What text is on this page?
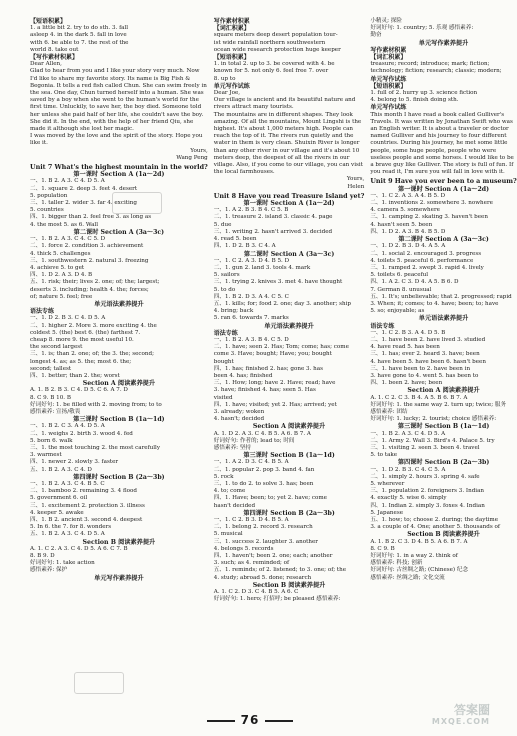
【短语积累】
1. a little bit 2. try to do sth. 3. fall
asleep 4. in the dark 5. fall in love
with 6. be able to 7. the rest of the
world 8. take out
【写作素材积累】
Dear Allen,
Glad to hear from you and I like your story very much. Now I'd like to share my favorite story. Its name is Big Fish & Begonia. It tells a red fish called Chun. She can swim freely in the sea. One day, Chun turned herself into a human. She was saved by a boy when she went to the human's world for the first time. Unluckily, to save her, the boy died. Someone told her unless she paid half of her life, she couldn't save the boy. She did it. In the end, with the help of her friend Qiu, she made it although she lost her magic.
I was moved by the love and the spirit of the story. Hope you like it.
Yours,
Wang Peng
Unit 7 What's the highest mountain in the world?
第一课时 Section A (1a～2d)
一、1. B 2. A 3. C 4. D 5. A
二、1. square 2. deep 3. feet 4. desert
5. population
三、1. taller 2. wider 3. far 4. exciting
5. countries
四、1. bigger than 2. feel free 3. as long as
4. the most 5. as 6. Wall
第二课时 Section A (3a～3c)
一、1. B 2. A 3. C 4. C 5. D
二、1. force 2. condition 3. achievement
4. thick 5. challenges
三、1. southwestern 2. natural 3. freezing
4. achieve 5. to get
四、1. D 2. A 3. D 4. B
五、1. risk; their; lives 2. one; of; the; largest;
deserts 3. including; health 4. the; forces;
of; nature 5. feel; free
单元语法素养提升
语法专练
一、1. D 2. B 3. C 4. D 5. A
二、1. higher 2. More 3. more exciting 4. the
coldest 5. (the) best 6. (the) farthest 7.
cheap 8. more 9. the most useful 10.
the second largest
三、1. is; than 2. one; of; the 3. the; second;
longest 4. as; as 5. the; most 6. the;
second; tallest
四、1. better; than 2. the; worst
Section A 阅读素养提升
A. 1. B 2. B 3. C 4. D 5. C 6. A 7. D
8. C 9. B 10. B
好词好句: 1. be filled with 2. moving from; to to
感悟素养: 宣扬/敬畏
第三课时 Section B (1a～1d)
一、1. B 2. C 3. A 4. D 5. A
二、1. weighs 2. birth 3. wood 4. fed
5. born 6. walk
三、1. the most touching 2. the most carefully
3. warmest
四、1. newer 2. slowly 3. faster
五、1. B 2. A 3. C 4. D
第四课时 Section B (2a～3b)
一、1. B 2. A 3. C 4. B 5. C
二、1. bamboo 2. remaining 3. 4 flood
5. government 6. oil
三、1. excitement 2. protection 3. illness
4. keeper 5. awake
四、1. B 2. ancient 3. second 4. deepest
5. In 6. the 7. for 8. wonders
五、1. B 2. A 3. C 4. D 5. A
Section B 阅读素养提升
A. 1. C 2. A 3. C 4. D 5. A 6. C 7. B
8. B 9. D
好词好句: 1. take action
感悟素养: 保护
单元写作素养提升
写作素材积累
【词汇积累】
square meters deep desert population tour-
ist wide rainfall northern southwestern
ocean wide research protection huge keeper
【短语积累】
1. in total 2. up to 3. be covered with 4. be
known for 5. not only 6. feel free 7. over
8. up to
单元写作试练
Dear Joe,
Our village is ancient and its beautiful nature and rivers attract many tourists.
The mountains are in different shapes. They look amazing. Of all the mountains, Mount Lingshi is the highest. It's about 1,000 meters high. People can reach the top of it. The rivers run quietly and the water in them is very clean. Shuixin River is longer than any other river in our village and it's about 10 meters deep, the deepest of all the rivers in our village. Also, if you come to our village, you can visit the local farmhouses.
Yours,
Helen
Unit 8 Have you read Treasure Island yet?
第一课时 Section A (1a～2d)
一、1. A 2. B 3. B 4. C 5. B
二、1. treasure 2. island 3. classic 4. page
5. due
三、1. writing 2. hasn't arrived 3. decided
4. read 5. been
四、1. D 2. B 3. C 4. A
第二课时 Section A (3a～3c)
一、1. C 2. A 3. D 4. B 5. D
二、1. gun 2. land 3. tools 4. mark
5. sailors
三、1. trying 2. knives 3. met 4. have thought
5. to do
四、1. B 2. D 3. A 4. C 5. C
五、1. kills; for; food 2. one; day 3. another; ship
4. bring; back
5. ran 6. towards 7. marks
单元语法素养提升
语法专练
一、1. B 2. A 3. B 4. C 5. D
二、1. have; seen 2. Has; Tom; come; has; come
come 3. Have; bought; Have; you; bought
bought
四、1. has; finished 2. has; gone 3. has
been 4. has; finished
三、1. How; long; have 2. Have; read; have
3. have; finished 4. has; seen 5. Has
visited
四、1. have; visited; yet 2. Has; arrived; yet
3. already; woken
4. hasn't; decided
Section A 阅读素养提升
A. 1. D 2. A 3. C 4. B 5. A 6. B 7. A
好词好句: 作者的; lead to; 时间
感悟素养: 坚持
第三课时 Section B (1a～1d)
一、1. A 2. D 3. C 4. B 5. A
二、1. popular 2. pop 3. band 4. fan
5. rock
三、1. to do 2. to solve 3. has; been
4. to; come
四、1. Have; been; to; yet 2. have; come
hasn't decided
第四课时 Section B (2a～3b)
一、1. C 2. B 3. D 4. B 5. A
二、1. belong 2. record 3. research
5. musical
三、1. success 2. laughter 3. another
4. belongs 5. records
四、1. haven't; been 2. one; each; another
3. such; as 4. reminded; of
五、1. reminds; of 2. listened; to 3. one; of; the
4. study; abroad 5. done; research
Section B 阅读素养提升
A. 1. C 2. D 3. C 4. B 5. A 6. C
好词好句: 1. hero; 打招呼; be pleased 感悟素养:
小精灵; 探险
好词好句: 1. country; 5. 乐观 感悟素养:
勤奋
单元写作素养提升
写作素材积累
【词汇积累】
treasure; record; introduce; mark; fiction;
technology; fiction; research; classic; modern;
单元写作试练
【短语积累】
1. full of 2. hurry up 3. science fiction
4. belong to 5. finish doing sth.
单元写作试练
This month I have read a book called Gulliver's Travels. It was written by Jonathan Swift who was an English writer. It is about a traveler or doctor named Gulliver and his journey to four different countries. During his journey, he met some little people, some huge people, people who were useless people and some horses. I would like to be a brave guy like Gulliver. The story is full of fun. If you read it, I'm sure you will fall in love with it.
Unit 9 Have you ever been to a museum?
第一课时 Section A (1a～2d)
一、1. C 2. A 3. A 4. B 5. D
二、1. inventions 2. somewhere 3. nowhere
4. camera 5. somewhere
三、1. camping 2. skating 3. haven't been
4. hasn't seen 5. been
四、1. D 2. A 3. B 4. B 5. D
第二课时 Section A (3a～3c)
一、1. D 2. B 3. D 4. A 5. A
二、1. social 2. encouraged 3. progress
4. toilets 5. peaceful 6. performance
三、1. ramped 2. swept 3. rapid 4. lively
5. toilets 6. peaceful
四、1. A 2. C 3. D 4. A 5. B 6. D
7. German 8. unusual
五、1. It's; unbelievable; that 2. progressed; rapid
3. When; it; comes; to 4. have; been; to; have
5. so; enjoyable; as
单元语法素养提升
语法专练
一、1. C 2. B 3. A 4. D 5. B
二、1. have been 2. have lived 3. studied
4. have read 5. has been
三、1. has; ever 2. heard 3. have; been
4. have been 5. have been 6. hasn't been
三、1. have been to 2. have been in
3. have gone to 4. went 5. has been to
四、1. been 2. have; been
Section A 阅读素养提升
A. 1. C 2. C 3. B 4. A 5. B 6. B 7. A
好词好句: 1. the same way 2. turn up; twice; 服务
感悟素养: 团结
好词好句: 1. lucky; 2. tourist; choice 感悟素养:
第三课时 Section B (1a～1d)
一、1. B 2. A 3. C 4. D 5. A
二、1. Army 2. Wall 3. Bird's 4. Palace 5. try
三、1. visiting 2. seen 3. been 4. travel
5. to take
第四课时 Section B (2a～3b)
一、1. D 2. B 3. C 4. C 5. A
二、1. simply 2. hours 3. spring 4. safe
5. wherever
三、1. population 2. foreigners 3. Indian
4. exactly 5. wise 6. simply
四、1. Indian 2. simply 3. foxes 4. Indian
5. Japanese
五、1. how; to; choose 2. during; the daytime
3. a couple of 4. One; another 5. thousands of
Section B 阅读素养提升
A. 1. B 2. C 3. D 4. B 5. A 6. B 7. A
8. C 9. B
好词好句: 1. in a way 2. think of
感悟素养: 科技; 创新
好词好句: 古丝绸之路; (Chinese) 纪念
感悟素养: 丝绸之路; 文化交流
76
答案圈
MXQE.COM
